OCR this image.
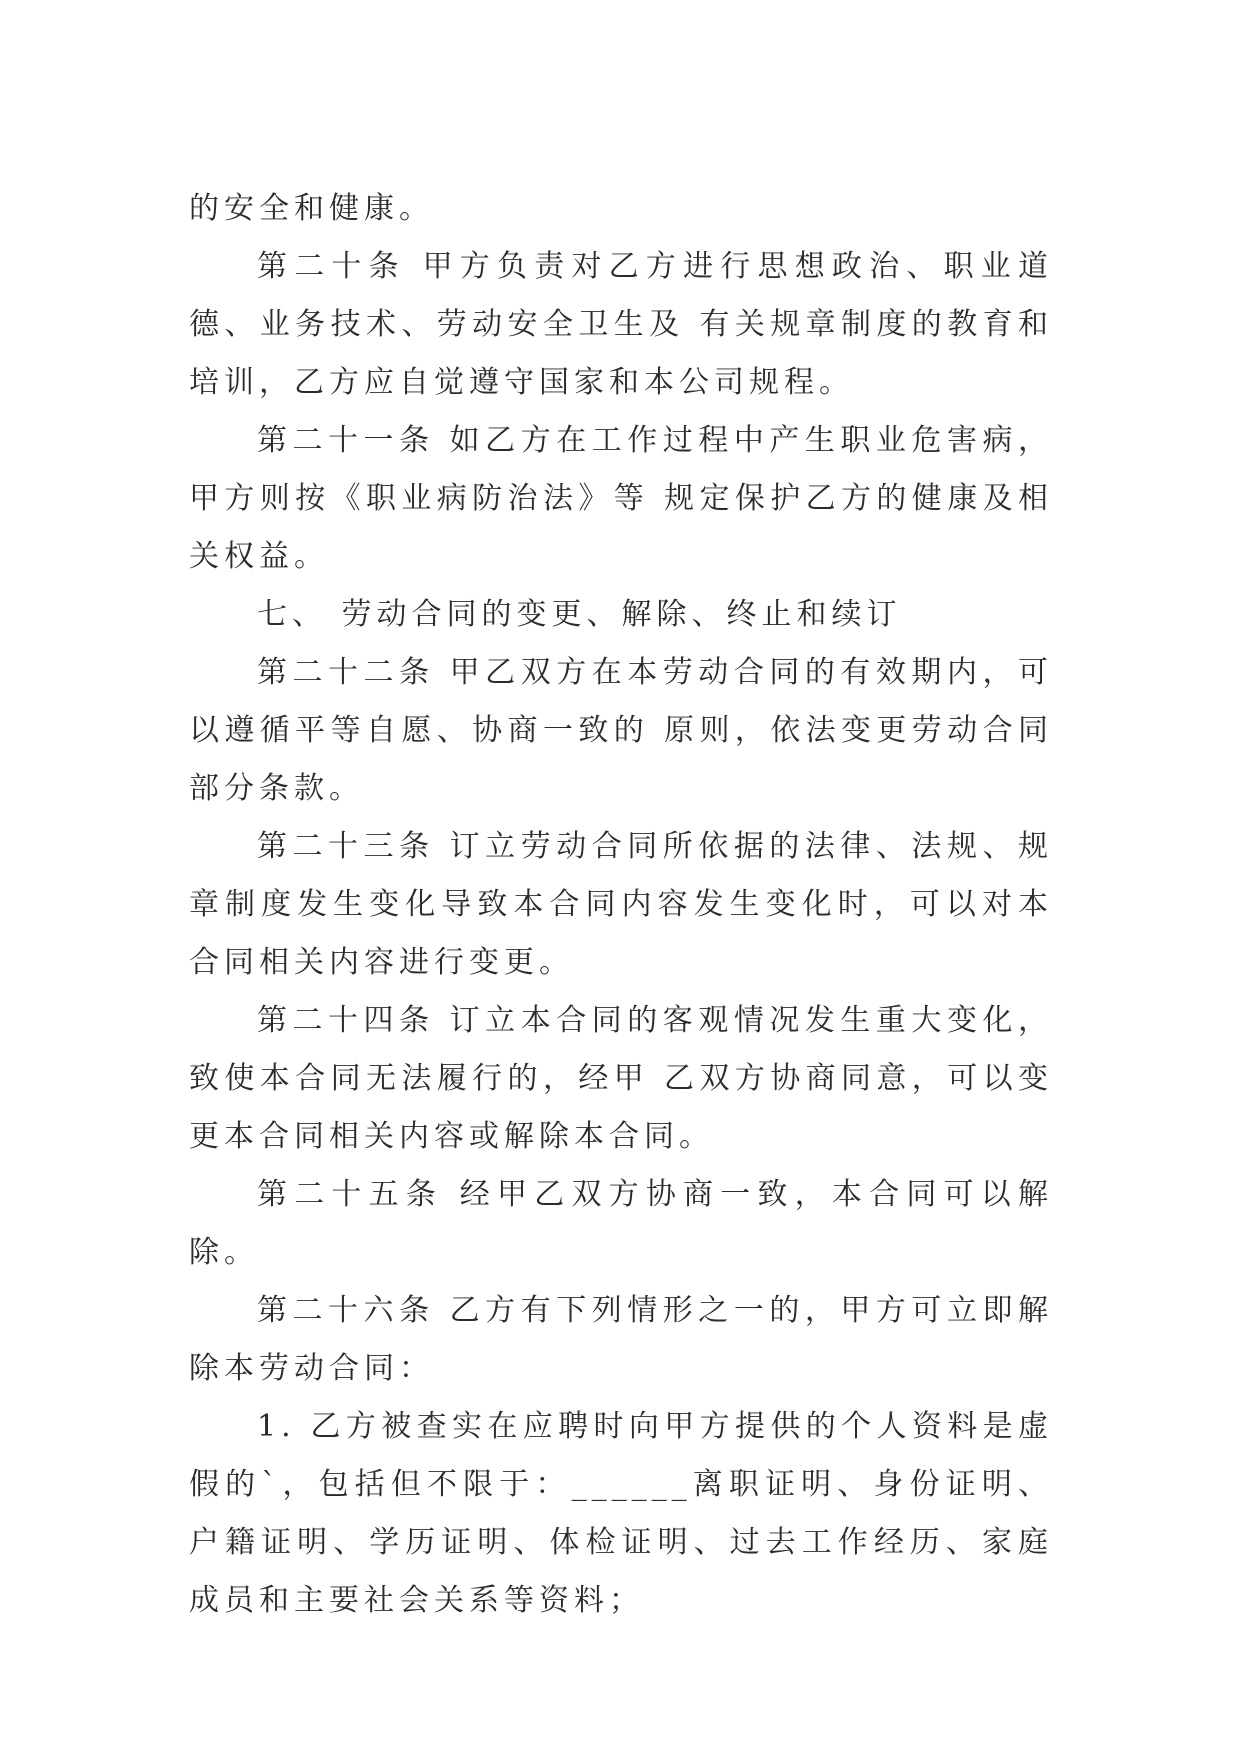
的安全和健康。

第二十条 甲方负责对乙方进行思想政治、职业道德、业务技术、劳动安全卫生及 有关规章制度的教育和培训，乙方应自觉遵守国家和本公司规程。

第二十一条 如乙方在工作过程中产生职业危害病，甲方则按《职业病防治法》等 规定保护乙方的健康及相关权益。

七、 劳动合同的变更、解除、终止和续订

第二十二条 甲乙双方在本劳动合同的有效期内，可以遵循平等自愿、协商一致的 原则，依法变更劳动合同部分条款。

第二十三条 订立劳动合同所依据的法律、法规、规章制度发生变化导致本合同内容发生变化时，可以对本合同相关内容进行变更。

第二十四条 订立本合同的客观情况发生重大变化，致使本合同无法履行的，经甲 乙双方协商同意，可以变更本合同相关内容或解除本合同。

第二十五条 经甲乙双方协商一致，本合同可以解除。

第二十六条 乙方有下列情形之一的，甲方可立即解除本劳动合同：

1. 乙方被查实在应聘时向甲方提供的个人资料是虚假的`，包括但不限于：______离职证明、身份证明、户籍证明、学历证明、体检证明、过去工作经历、家庭成员和主要社会关系等资料；
